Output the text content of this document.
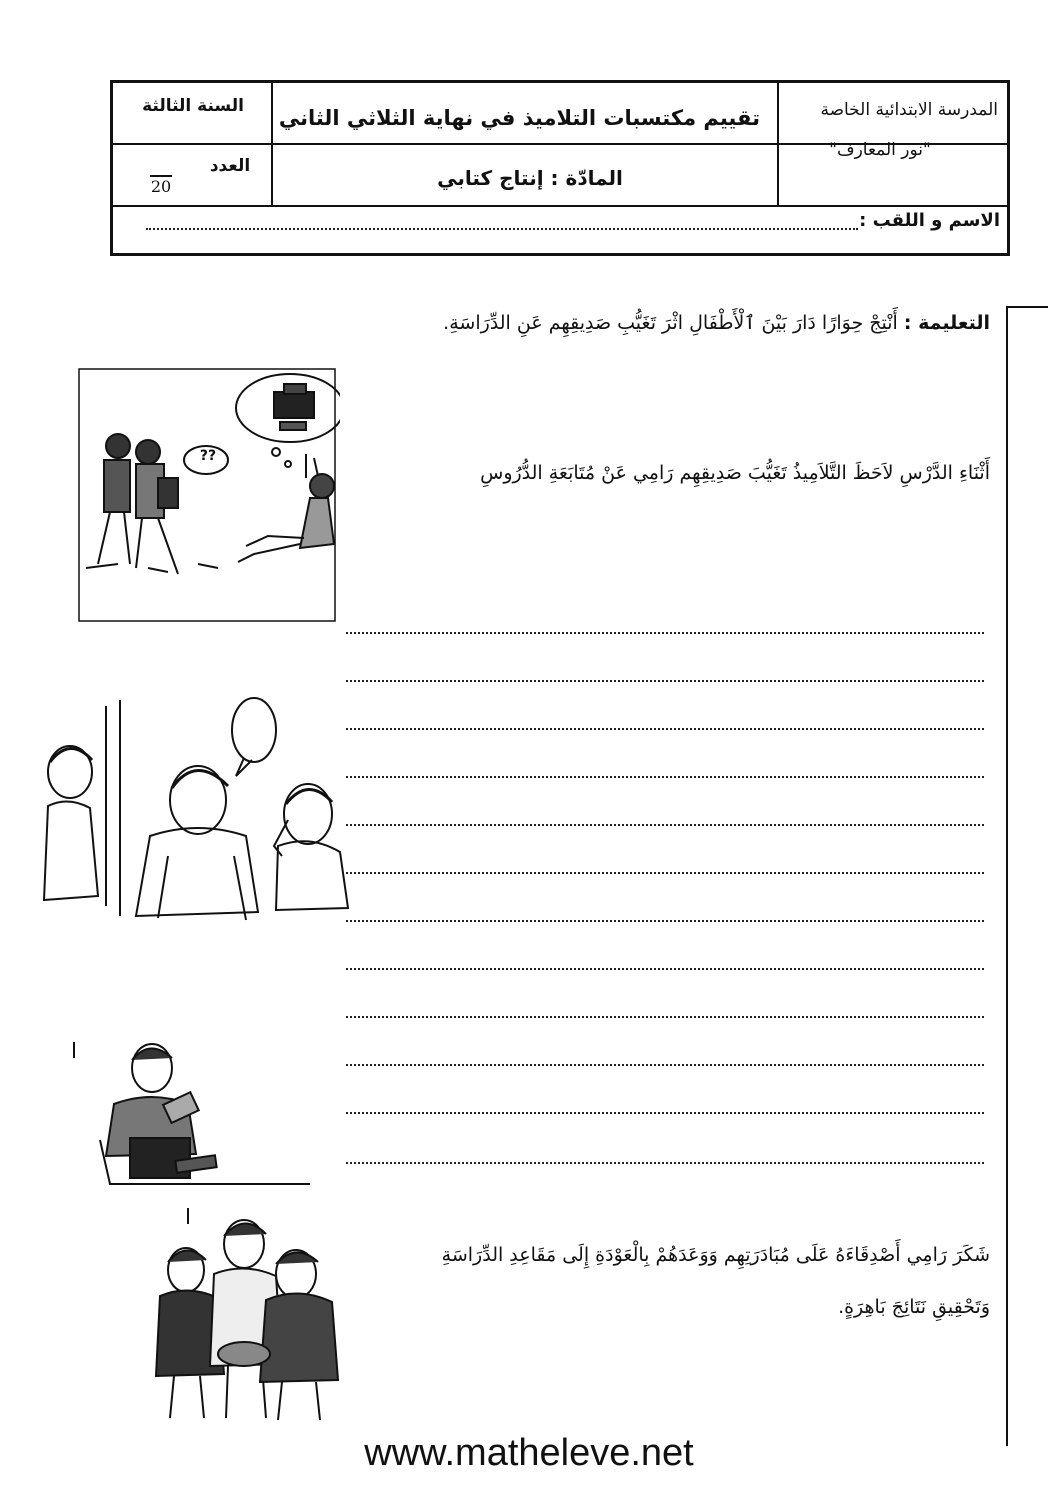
المدرسة الابتدائية الخاصة
"نور المعارف"
تقييم مكتسبات التلاميذ في نهاية الثلاثي الثاني
المادّة : إنتاج كتابي
السنة الثالثة
العدد
20
الاسم و اللقب :
التعليمة : أَنْتِجْ حِوَارًا دَارَ بَيْنَ ٱلْأَطْفَالِ اثْرَ تَغَيُّبِ صَدِيقِهِم عَنِ الدِّرَاسَةِ.
أَثْنَاءِ الدَّرْسِ لاَحَظَ التَّلاَمِيذُ تَغَيُّبَ صَدِيقِهِم رَامِي عَنْ مُتَابَعَةِ الدُّرُوسِ
شَكَرَ رَامِي أَصْدِقَاءَهُ عَلَى مُبَادَرَتِهِم وَوَعَدَهُمْ بِالْعَوْدَةِ إِلَى مَقَاعِدِ الدِّرَاسَةِ
وَتَحْقِيقِ نَتَائِجَ بَاهِرَةٍ.
??
www.matheleve.net
